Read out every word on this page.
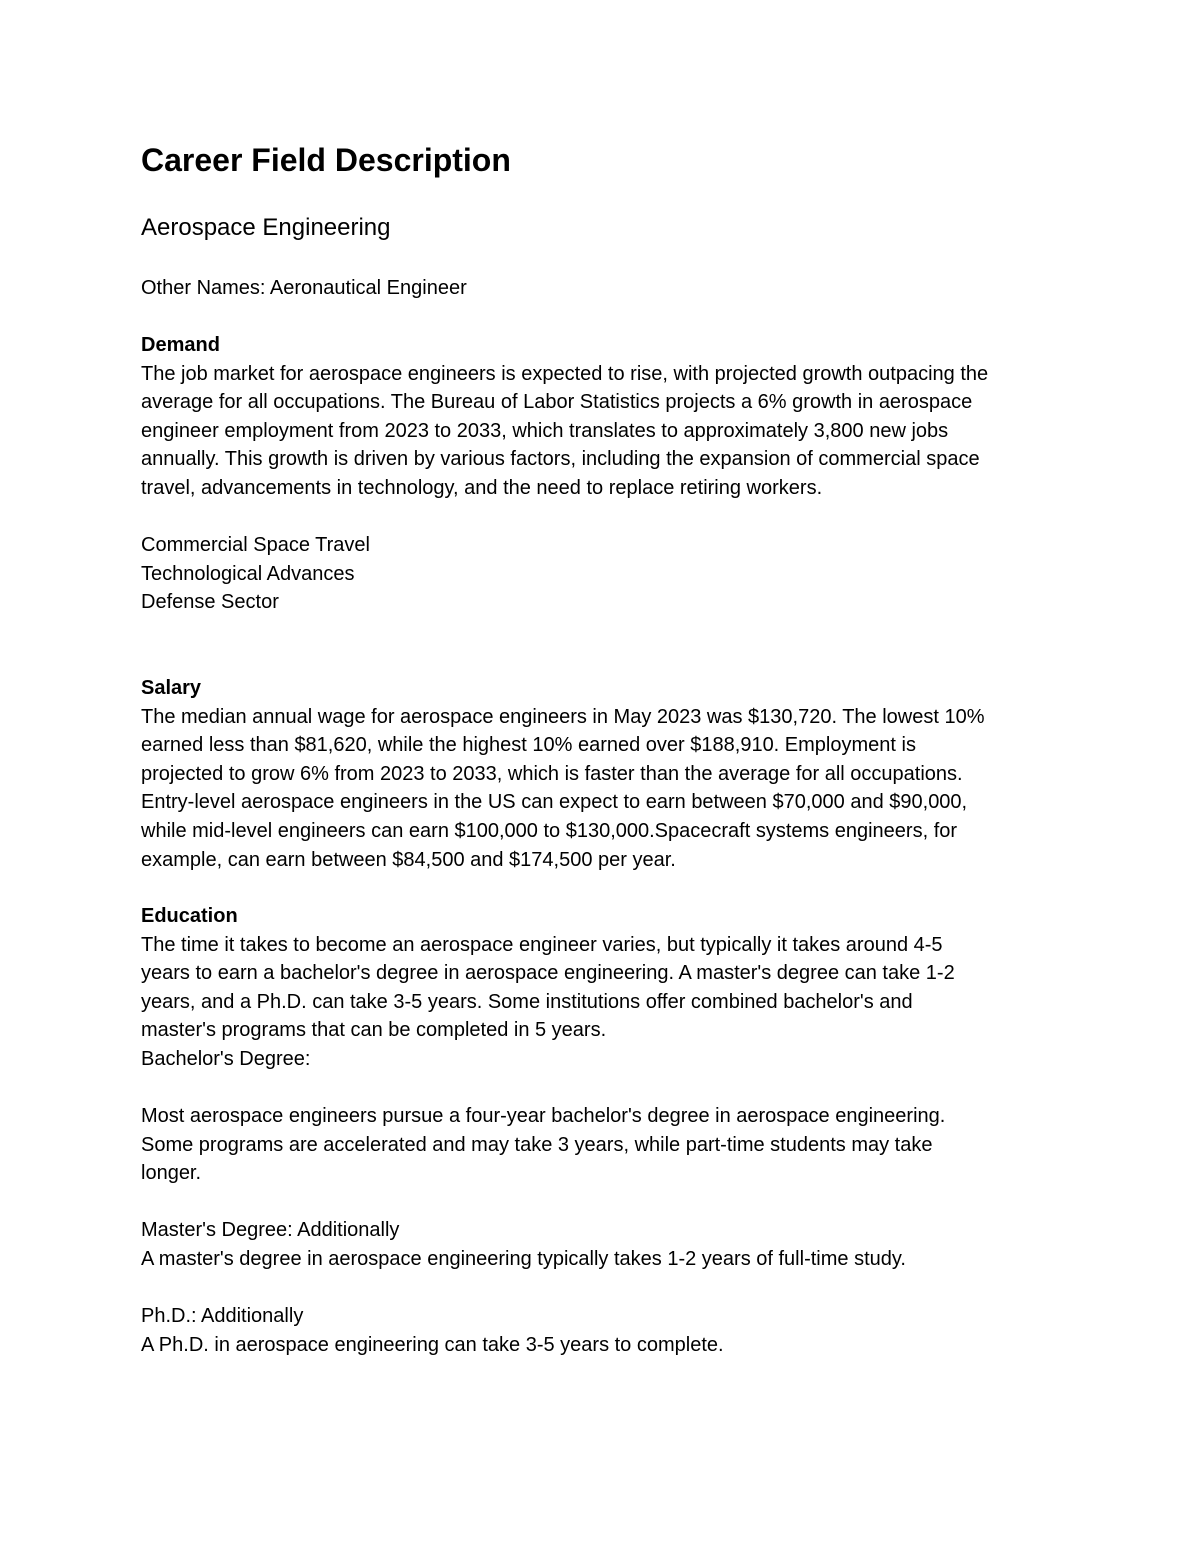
Career Field Description
Aerospace Engineering
Other Names: Aeronautical Engineer
Demand
The job market for aerospace engineers is expected to rise, with projected growth outpacing the
average for all occupations. The Bureau of Labor Statistics projects a 6% growth in aerospace
engineer employment from 2023 to 2033, which translates to approximately 3,800 new jobs
annually. This growth is driven by various factors, including the expansion of commercial space
travel, advancements in technology, and the need to replace retiring workers.
Commercial Space Travel
Technological Advances
Defense Sector
Salary
The median annual wage for aerospace engineers in May 2023 was $130,720. The lowest 10%
earned less than $81,620, while the highest 10% earned over $188,910. Employment is
projected to grow 6% from 2023 to 2033, which is faster than the average for all occupations.
Entry-level aerospace engineers in the US can expect to earn between $70,000 and $90,000,
while mid-level engineers can earn $100,000 to $130,000.Spacecraft systems engineers, for
example, can earn between $84,500 and $174,500 per year.
Education
The time it takes to become an aerospace engineer varies, but typically it takes around 4-5
years to earn a bachelor's degree in aerospace engineering. A master's degree can take 1-2
years, and a Ph.D. can take 3-5 years. Some institutions offer combined bachelor's and
master's programs that can be completed in 5 years.
Bachelor's Degree:
Most aerospace engineers pursue a four-year bachelor's degree in aerospace engineering.
Some programs are accelerated and may take 3 years, while part-time students may take
longer.
Master's Degree: Additionally
A master's degree in aerospace engineering typically takes 1-2 years of full-time study.
Ph.D.: Additionally
A Ph.D. in aerospace engineering can take 3-5 years to complete.
